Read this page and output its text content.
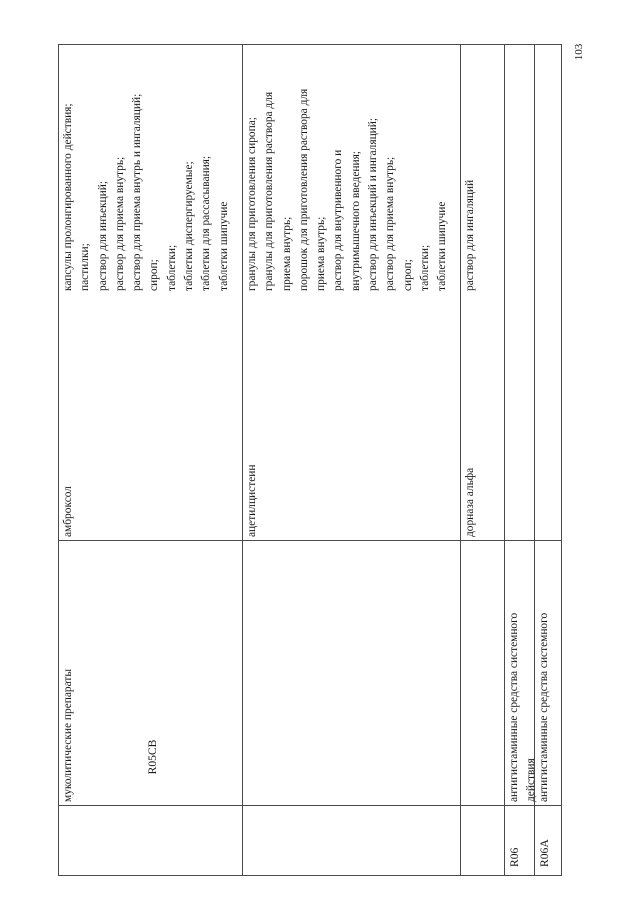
103
R05CB
муколитические препараты
амброксол
капсулы пролонгированного действия; пастилки; раствор для инъекций; раствор для приема внутрь; раствор для приема внутрь и ингаляций; сироп; таблетки; таблетки диспергируемые; таблетки для рассасывания; таблетки шипучие
ацетилцистеин
гранулы для приготовления сиропа; гранулы для приготовления раствора для приема внутрь; порошок для приготовления раствора для приема внутрь; раствор для внутривенного и внутримышечного введения; раствор для инъекций и ингаляций; раствор для приема внутрь; сироп; таблетки; таблетки шипучие
дорназа альфа
раствор для ингаляций
R06
антигистаминные средства системного действия
R06A
антигистаминные средства системного
